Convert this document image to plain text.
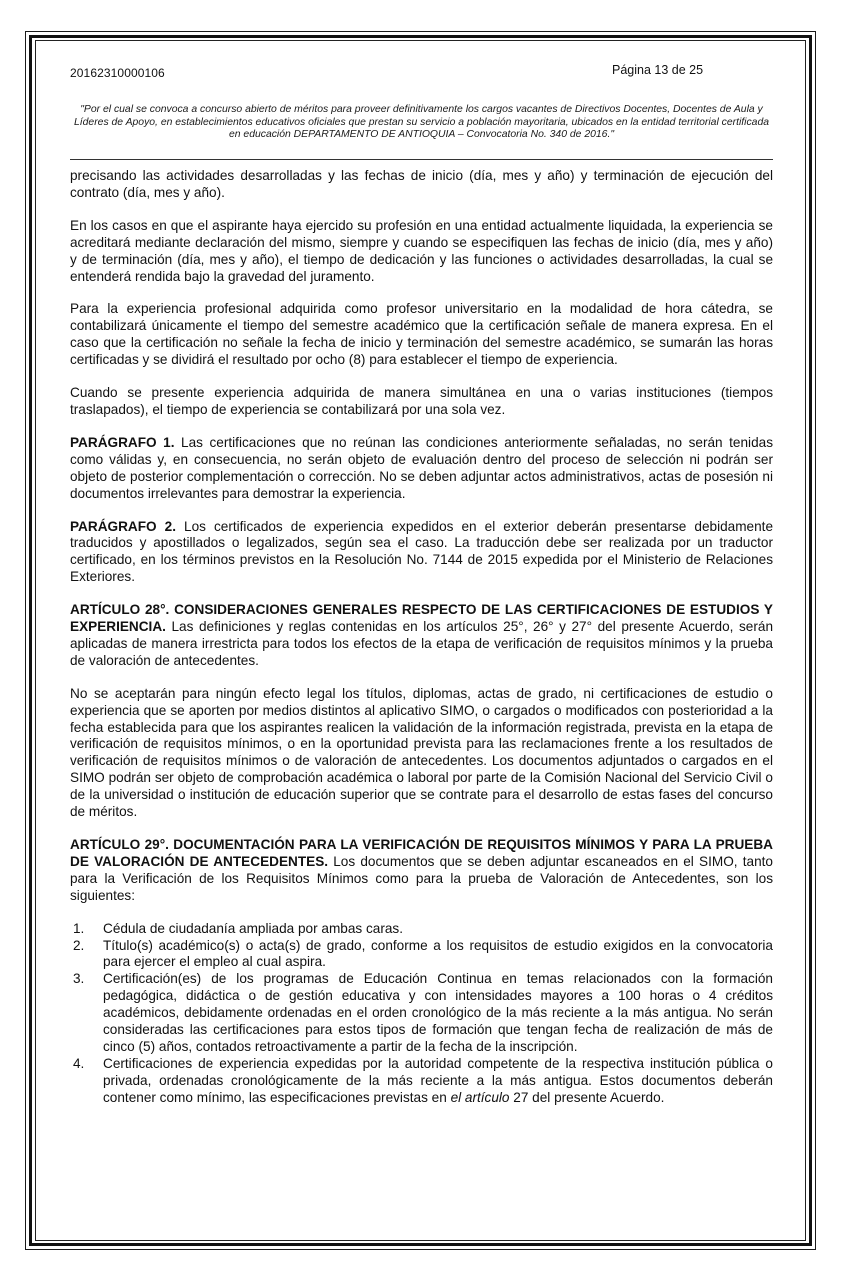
20162310000106	Página 13 de 25
"Por el cual se convoca a concurso abierto de méritos para proveer definitivamente los cargos vacantes de Directivos Docentes, Docentes de Aula y Líderes de Apoyo, en establecimientos educativos oficiales que prestan su servicio a población mayoritaria, ubicados en la entidad territorial certificada en educación DEPARTAMENTO DE ANTIOQUIA – Convocatoria No. 340 de 2016."

precisando las actividades desarrolladas y las fechas de inicio (día, mes y año) y terminación de ejecución del contrato (día, mes y año).

En los casos en que el aspirante haya ejercido su profesión en una entidad actualmente liquidada, la experiencia se acreditará mediante declaración del mismo, siempre y cuando se especifiquen las fechas de inicio (día, mes y año) y de terminación (día, mes y año), el tiempo de dedicación y las funciones o actividades desarrolladas, la cual se entenderá rendida bajo la gravedad del juramento.

Para la experiencia profesional adquirida como profesor universitario en la modalidad de hora cátedra, se contabilizará únicamente el tiempo del semestre académico que la certificación señale de manera expresa. En el caso que la certificación no señale la fecha de inicio y terminación del semestre académico, se sumarán las horas certificadas y se dividirá el resultado por ocho (8) para establecer el tiempo de experiencia.

Cuando se presente experiencia adquirida de manera simultánea en una o varias instituciones (tiempos traslapados), el tiempo de experiencia se contabilizará por una sola vez.

PARÁGRAFO 1. Las certificaciones que no reúnan las condiciones anteriormente señaladas, no serán tenidas como válidas y, en consecuencia, no serán objeto de evaluación dentro del proceso de selección ni podrán ser objeto de posterior complementación o corrección. No se deben adjuntar actos administrativos, actas de posesión ni documentos irrelevantes para demostrar la experiencia.

PARÁGRAFO 2. Los certificados de experiencia expedidos en el exterior deberán presentarse debidamente traducidos y apostillados o legalizados, según sea el caso. La traducción debe ser realizada por un traductor certificado, en los términos previstos en la Resolución No. 7144 de 2015 expedida por el Ministerio de Relaciones Exteriores.

ARTÍCULO 28°. CONSIDERACIONES GENERALES RESPECTO DE LAS CERTIFICACIONES DE ESTUDIOS Y EXPERIENCIA. Las definiciones y reglas contenidas en los artículos 25°, 26° y 27° del presente Acuerdo, serán aplicadas de manera irrestricta para todos los efectos de la etapa de verificación de requisitos mínimos y la prueba de valoración de antecedentes.

No se aceptarán para ningún efecto legal los títulos, diplomas, actas de grado, ni certificaciones de estudio o experiencia que se aporten por medios distintos al aplicativo SIMO, o cargados o modificados con posterioridad a la fecha establecida para que los aspirantes realicen la validación de la información registrada, prevista en la etapa de verificación de requisitos mínimos, o en la oportunidad prevista para las reclamaciones frente a los resultados de verificación de requisitos mínimos o de valoración de antecedentes. Los documentos adjuntados o cargados en el SIMO podrán ser objeto de comprobación académica o laboral por parte de la Comisión Nacional del Servicio Civil o de la universidad o institución de educación superior que se contrate para el desarrollo de estas fases del concurso de méritos.

ARTÍCULO 29°. DOCUMENTACIÓN PARA LA VERIFICACIÓN DE REQUISITOS MÍNIMOS Y PARA LA PRUEBA DE VALORACIÓN DE ANTECEDENTES. Los documentos que se deben adjuntar escaneados en el SIMO, tanto para la Verificación de los Requisitos Mínimos como para la prueba de Valoración de Antecedentes, son los siguientes:

1. Cédula de ciudadanía ampliada por ambas caras.
2. Título(s) académico(s) o acta(s) de grado, conforme a los requisitos de estudio exigidos en la convocatoria para ejercer el empleo al cual aspira.
3. Certificación(es) de los programas de Educación Continua en temas relacionados con la formación pedagógica, didáctica o de gestión educativa y con intensidades mayores a 100 horas o 4 créditos académicos, debidamente ordenadas en el orden cronológico de la más reciente a la más antigua. No serán consideradas las certificaciones para estos tipos de formación que tengan fecha de realización de más de cinco (5) años, contados retroactivamente a partir de la fecha de la inscripción.
4. Certificaciones de experiencia expedidas por la autoridad competente de la respectiva institución pública o privada, ordenadas cronológicamente de la más reciente a la más antigua. Estos documentos deberán contener como mínimo, las especificaciones previstas en el artículo 27 del presente Acuerdo.
